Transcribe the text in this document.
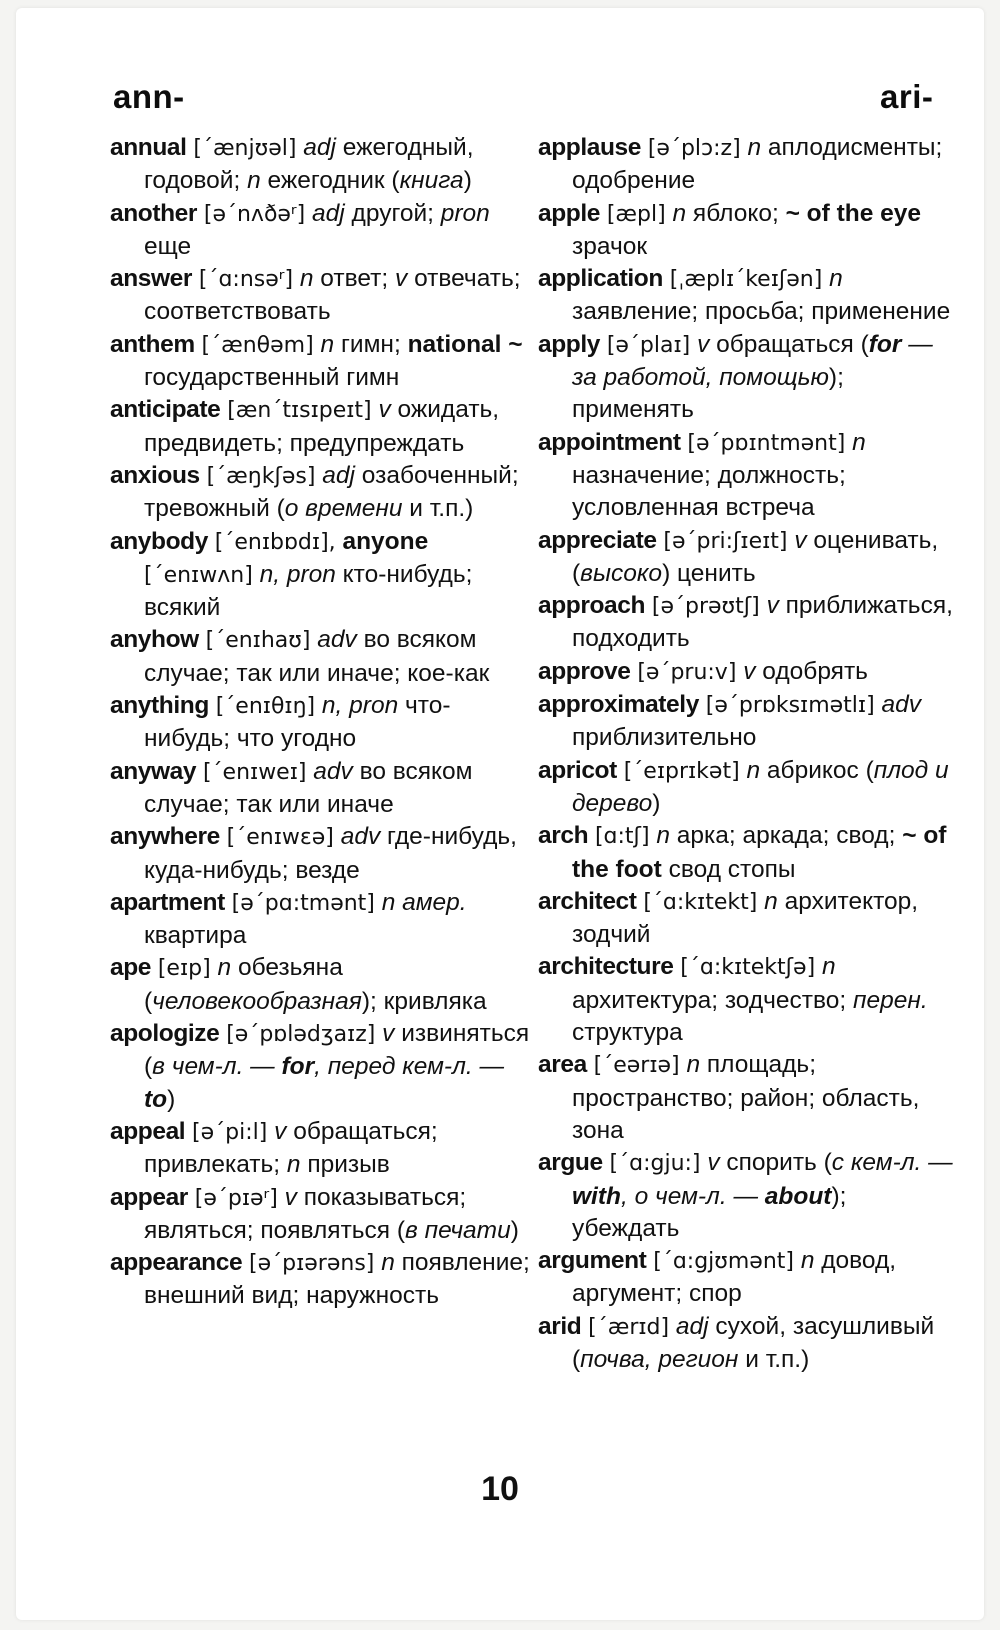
ann-	ari-

annual [ˊænjʊəl] adj ежегодный, годовой; n ежегодник (книга)

another [əˊnʌðəʳ] adj другой; pron еще

answer [ˊɑ:nsəʳ] n ответ; v отвечать; соответствовать

anthem [ˊænθəm] n гимн; national ~ государственный гимн

anticipate [ænˊtɪsɪpeɪt] v ожидать, предвидеть; предупреждать

anxious [ˊæŋkʃəs] adj озабоченный; тревожный (о времени и т.п.)

anybody [ˊenɪbɒdɪ], anyone [ˊenɪwʌn] n, pron кто-нибудь; всякий

anyhow [ˊenɪhaʊ] adv во всяком случае; так или иначе; кое-как

anything [ˊenɪθɪŋ] n, pron что-нибудь; что угодно

anyway [ˊenɪweɪ] adv во всяком случае; так или иначе

anywhere [ˊenɪwɛə] adv где-нибудь, куда-нибудь; везде

apartment [əˊpɑ:tmənt] n амер. квартира

ape [eɪp] n обезьяна (человекообразная); кривляка

apologize [əˊpɒlədʒaɪz] v извиняться (в чем-л. — for, перед кем-л. — to)

appeal [əˊpi:l] v обращаться; привлекать; n призыв

appear [əˊpɪəʳ] v показываться; являться; появляться (в печати)

appearance [əˊpɪərəns] n появление; внешний вид; наружность

applause [əˊplɔ:z] n аплодисменты; одобрение

apple [æpl] n яблоко; ~ of the eye зрачок

application [ˌæplɪˊkeɪʃən] n заявление; просьба; применение

apply [əˊplaɪ] v обращаться (for — за работой, помощью); применять

appointment [əˊpɒɪntmənt] n назначение; должность; условленная встреча

appreciate [əˊpri:ʃɪeɪt] v оценивать, (высоко) ценить

approach [əˊprəʊtʃ] v приближаться, подходить

approve [əˊpru:v] v одобрять

approximately [əˊprɒksɪmətlɪ] adv приблизительно

apricot [ˊeɪprɪkət] n абрикос (плод и дерево)

arch [ɑ:tʃ] n арка; аркада; свод; ~ of the foot свод стопы

architect [ˊɑ:kɪtekt] n архитектор, зодчий

architecture [ˊɑ:kɪtektʃə] n архитектура; зодчество; перен. структура

area [ˊeərɪə] n площадь; пространство; район; область, зона

argue [ˊɑ:gju:] v спорить (с кем-л. — with, о чем-л. — about); убеждать

argument [ˊɑ:gjʊmənt] n довод, аргумент; спор

arid [ˊærɪd] adj сухой, засушливый (почва, регион и т.п.)

10
